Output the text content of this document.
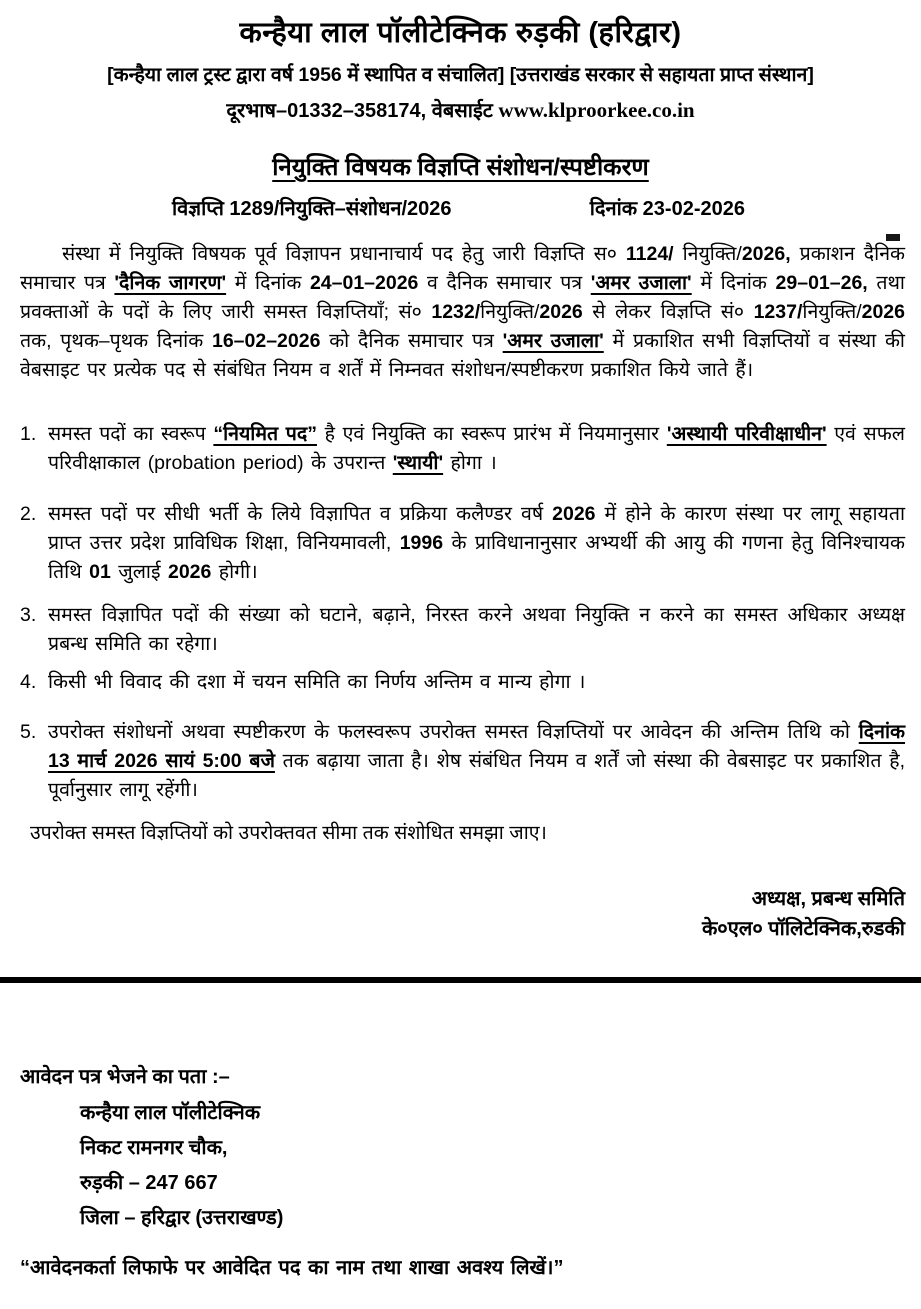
कन्हैया लाल पॉलीटेक्निक रुड़की (हरिद्वार)
[कन्हैया लाल ट्रस्ट द्वारा वर्ष 1956 में स्थापित व संचालित] [उत्तराखंड सरकार से सहायता प्राप्त संस्थान]
दूरभाष–01332–358174, वेबसाईट www.klproorkee.co.in
नियुक्ति विषयक विज्ञप्ति संशोधन/स्पष्टीकरण
विज्ञप्ति 1289/नियुक्ति–संशोधन/2026	दिनांक 23-02-2026
संस्था में नियुक्ति विषयक पूर्व विज्ञापन प्रधानाचार्य पद हेतु जारी विज्ञप्ति स० 1124/ नियुक्ति/2026, प्रकाशन दैनिक समाचार पत्र 'दैनिक जागरण' में दिनांक 24–01–2026 व दैनिक समाचार पत्र 'अमर उजाला' में दिनांक 29–01–26, तथा प्रवक्ताओं के पदों के लिए जारी समस्त विज्ञप्तियाँ; सं० 1232/नियुक्ति/2026 से लेकर विज्ञप्ति सं० 1237/नियुक्ति/2026 तक, पृथक–पृथक दिनांक 16–02–2026 को दैनिक समाचार पत्र 'अमर उजाला' में प्रकाशित सभी विज्ञप्तियों व संस्था की वेबसाइट पर प्रत्येक पद से संबंधित नियम व शर्तें में निम्नवत संशोधन/स्पष्टीकरण प्रकाशित किये जाते हैं।
1. समस्त पदों का स्वरूप “नियमित पद” है एवं नियुक्ति का स्वरूप प्रारंभ में नियमानुसार 'अस्थायी परिवीक्षाधीन' एवं सफल परिवीक्षाकाल (probation period) के उपरान्त 'स्थायी' होगा ।
2. समस्त पदों पर सीधी भर्ती के लिये विज्ञापित व प्रक्रिया कलैण्डर वर्ष 2026 में होने के कारण संस्था पर लागू सहायता प्राप्त उत्तर प्रदेश प्राविधिक शिक्षा, विनियमावली, 1996 के प्राविधानानुसार अभ्यर्थी की आयु की गणना हेतु विनिश्चायक तिथि 01 जुलाई 2026 होगी।
3. समस्त विज्ञापित पदों की संख्या को घटाने, बढ़ाने, निरस्त करने अथवा नियुक्ति न करने का समस्त अधिकार अध्यक्ष प्रबन्ध समिति का रहेगा।
4. किसी भी विवाद की दशा में चयन समिति का निर्णय अन्तिम व मान्य होगा ।
5. उपरोक्त संशोधनों अथवा स्पष्टीकरण के फलस्वरूप उपरोक्त समस्त विज्ञप्तियों पर आवेदन की अन्तिम तिथि को दिनांक 13 मार्च 2026 सायं 5:00 बजे तक बढ़ाया जाता है। शेष संबंधित नियम व शर्तें जो संस्था की वेबसाइट पर प्रकाशित है, पूर्वानुसार लागू रहेंगी।
उपरोक्त समस्त विज्ञप्तियों को उपरोक्तवत सीमा तक संशोधित समझा जाए।
अध्यक्ष, प्रबन्ध समिति
के०एल० पॉलिटेक्निक,रुडकी
आवेदन पत्र भेजने का पता :–
कन्हैया लाल पॉलीटेक्निक
निकट रामनगर चौक,
रुड़की – 247 667
जिला – हरिद्वार (उत्तराखण्ड)
“आवेदनकर्ता लिफाफे पर आवेदित पद का नाम तथा शाखा अवश्य लिखें।”
